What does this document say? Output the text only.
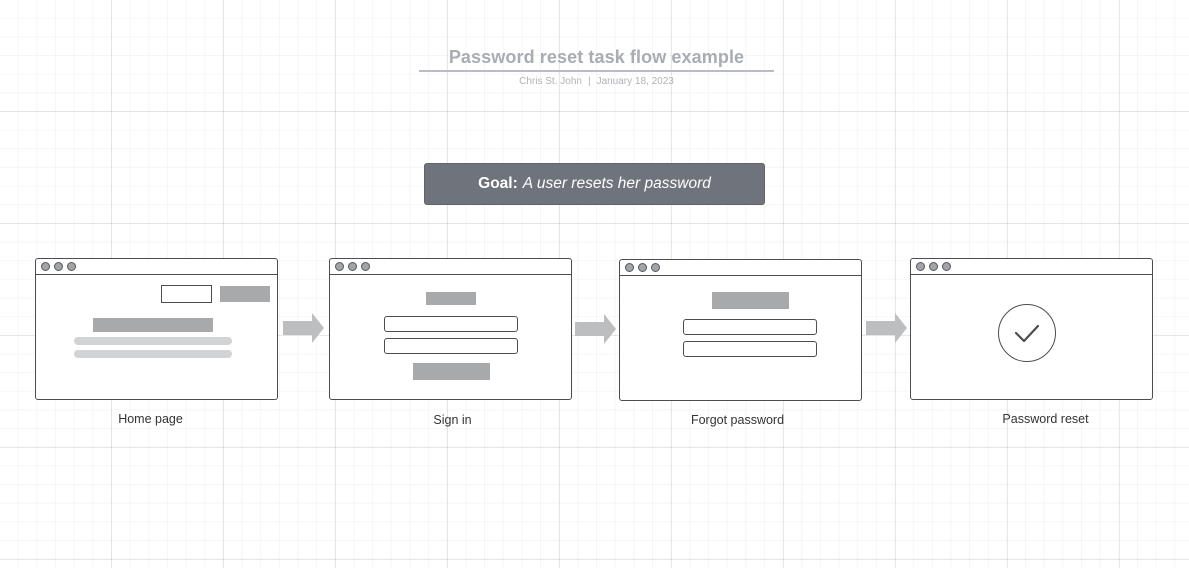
Password reset task flow example
Chris St. John | January 18, 2023
Goal: A user resets her password
Home page	Sign in	Forgot password	Password reset
